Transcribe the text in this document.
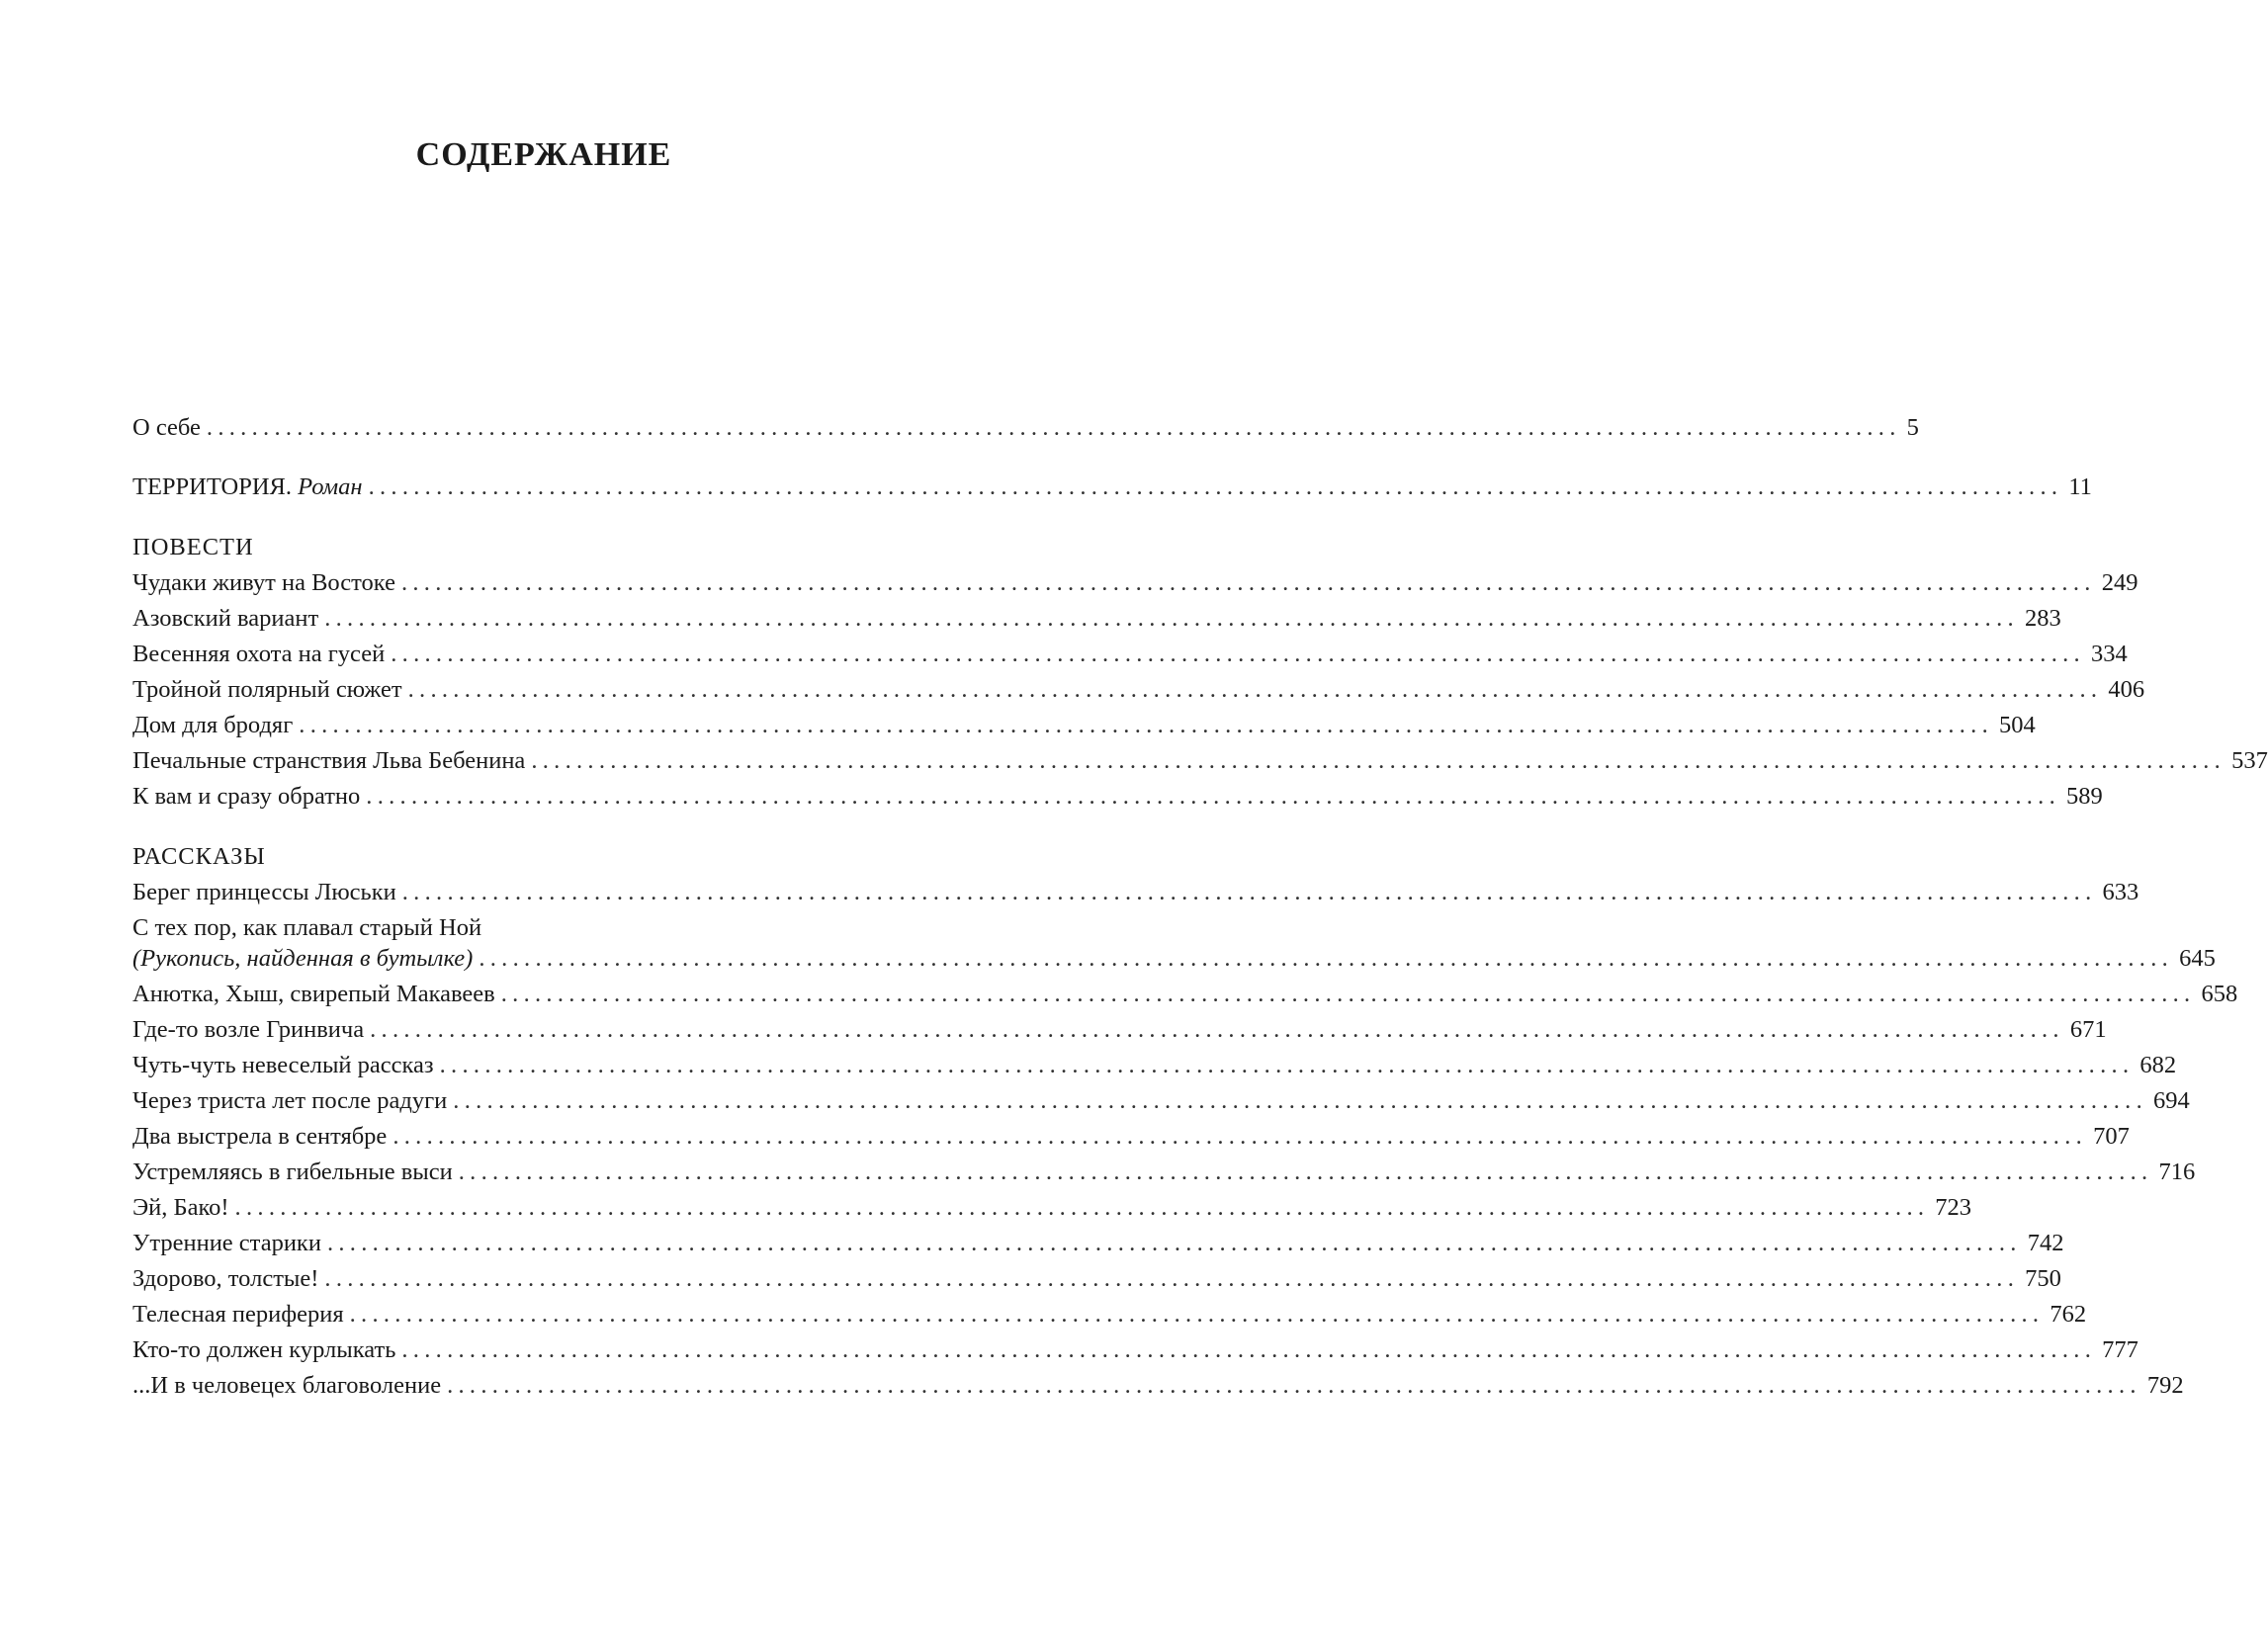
СОДЕРЖАНИЕ
О себе ...................................................................................................................................................... 5
ТЕРРИТОРИЯ. Роман ...................................................................................................................................................... 11
ПОВЕСТИ
Чудаки живут на Востоке ...................................................................................................................................................... 249
Азовский вариант ...................................................................................................................................................... 283
Весенняя охота на гусей ...................................................................................................................................................... 334
Тройной полярный сюжет ...................................................................................................................................................... 406
Дом для бродяг ...................................................................................................................................................... 504
Печальные странствия Льва Бебенина ...................................................................................................................................................... 537
К вам и сразу обратно ...................................................................................................................................................... 589
РАССКАЗЫ
Берег принцессы Люськи ...................................................................................................................................................... 633
С тех пор, как плавал старый Ной
(Рукопись, найденная в бутылке) ...................................................................................................................................................... 645
Анютка, Хыш, свирепый Макавеев ...................................................................................................................................................... 658
Где-то возле Гринвича ...................................................................................................................................................... 671
Чуть-чуть невеселый рассказ ...................................................................................................................................................... 682
Через триста лет после радуги ...................................................................................................................................................... 694
Два выстрела в сентябре ...................................................................................................................................................... 707
Устремляясь в гибельные выси ...................................................................................................................................................... 716
Эй, Бако! ...................................................................................................................................................... 723
Утренние старики ...................................................................................................................................................... 742
Здорово, толстые! ...................................................................................................................................................... 750
Телесная периферия ...................................................................................................................................................... 762
Кто-то должен курлыкать ...................................................................................................................................................... 777
...И в человецех благоволение ...................................................................................................................................................... 792
